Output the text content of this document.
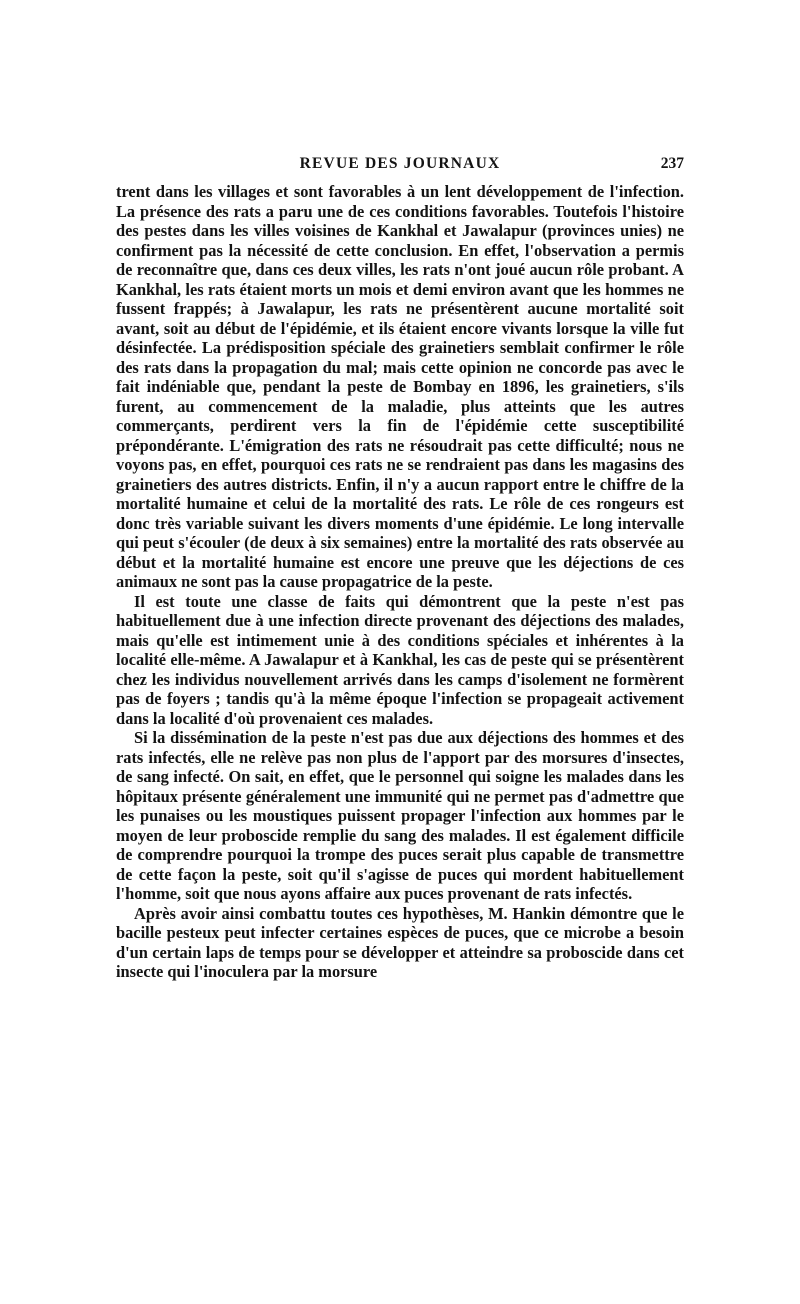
REVUE DES JOURNAUX	237

trent dans les villages et sont favorables à un lent développement de l'infection. La présence des rats a paru une de ces conditions favorables. Toutefois l'histoire des pestes dans les villes voisines de Kankhal et Jawalapur (provinces unies) ne confirment pas la nécessité de cette conclusion. En effet, l'observation a permis de reconnaître que, dans ces deux villes, les rats n'ont joué aucun rôle probant. A Kankhal, les rats étaient morts un mois et demi environ avant que les hommes ne fussent frappés; à Jawalapur, les rats ne présentèrent aucune mortalité soit avant, soit au début de l'épidémie, et ils étaient encore vivants lorsque la ville fut désinfectée. La prédisposition spéciale des grainetiers semblait confirmer le rôle des rats dans la propagation du mal; mais cette opinion ne concorde pas avec le fait indéniable que, pendant la peste de Bombay en 1896, les grainetiers, s'ils furent, au commencement de la maladie, plus atteints que les autres commerçants, perdirent vers la fin de l'épidémie cette susceptibilité prépondérante. L'émigration des rats ne résoudrait pas cette difficulté; nous ne voyons pas, en effet, pourquoi ces rats ne se rendraient pas dans les magasins des grainetiers des autres districts. Enfin, il n'y a aucun rapport entre le chiffre de la mortalité humaine et celui de la mortalité des rats. Le rôle de ces rongeurs est donc très variable suivant les divers moments d'une épidémie. Le long intervalle qui peut s'écouler (de deux à six semaines) entre la mortalité des rats observée au début et la mortalité humaine est encore une preuve que les déjections de ces animaux ne sont pas la cause propagatrice de la peste.

Il est toute une classe de faits qui démontrent que la peste n'est pas habituellement due à une infection directe provenant des déjections des malades, mais qu'elle est intimement unie à des conditions spéciales et inhérentes à la localité elle-même. A Jawalapur et à Kankhal, les cas de peste qui se présentèrent chez les individus nouvellement arrivés dans les camps d'isolement ne formèrent pas de foyers ; tandis qu'à la même époque l'infection se propageait activement dans la localité d'où provenaient ces malades.

Si la dissémination de la peste n'est pas due aux déjections des hommes et des rats infectés, elle ne relève pas non plus de l'apport par des morsures d'insectes, de sang infecté. On sait, en effet, que le personnel qui soigne les malades dans les hôpitaux présente généralement une immunité qui ne permet pas d'admettre que les punaises ou les moustiques puissent propager l'infection aux hommes par le moyen de leur proboscide remplie du sang des malades. Il est également difficile de comprendre pourquoi la trompe des puces serait plus capable de transmettre de cette façon la peste, soit qu'il s'agisse de puces qui mordent habituellement l'homme, soit que nous ayons affaire aux puces provenant de rats infectés.

Après avoir ainsi combattu toutes ces hypothèses, M. Hankin démontre que le bacille pesteux peut infecter certaines espèces de puces, que ce microbe a besoin d'un certain laps de temps pour se développer et atteindre sa proboscide dans cet insecte qui l'inoculera par la morsure
